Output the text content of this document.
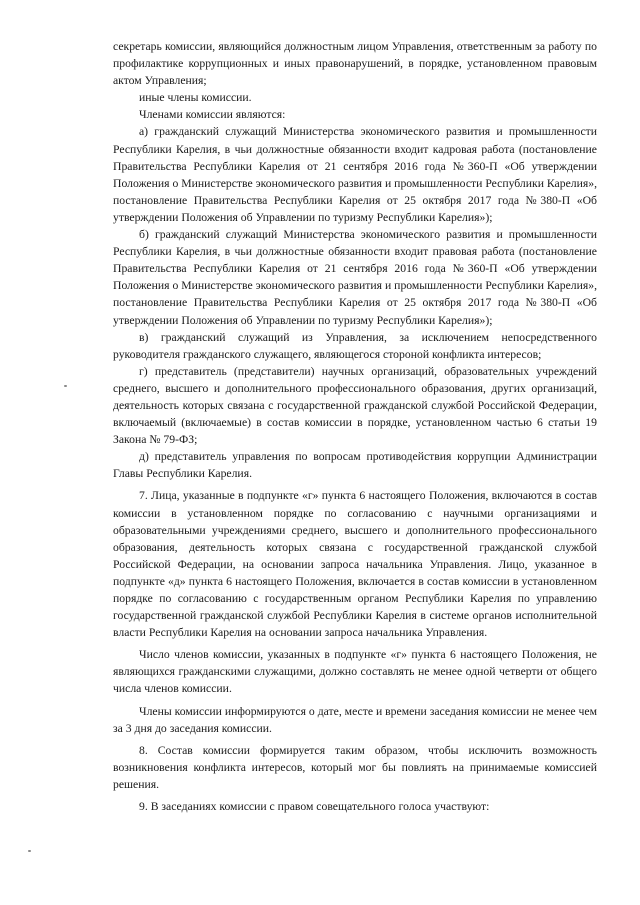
секретарь комиссии, являющийся должностным лицом Управления, ответственным за работу по профилактике коррупционных и иных правонарушений, в порядке, установленном правовым актом Управления;

иные члены комиссии.

Членами комиссии являются:

а) гражданский служащий Министерства экономического развития и промышленности Республики Карелия, в чьи должностные обязанности входит кадровая работа (постановление Правительства Республики Карелия от 21 сентября 2016 года №360-П «Об утверждении Положения о Министерстве экономического развития и промышленности Республики Карелия», постановление Правительства Республики Карелия от 25 октября 2017 года №380-П «Об утверждении Положения об Управлении по туризму Республики Карелия»);

б) гражданский служащий Министерства экономического развития и промышленности Республики Карелия, в чьи должностные обязанности входит правовая работа (постановление Правительства Республики Карелия от 21 сентября 2016 года №360-П «Об утверждении Положения о Министерстве экономического развития и промышленности Республики Карелия», постановление Правительства Республики Карелия от 25 октября 2017 года №380-П «Об утверждении Положения об Управлении по туризму Республики Карелия»);

в) гражданский служащий из Управления, за исключением непосредственного руководителя гражданского служащего, являющегося стороной конфликта интересов;

г) представитель (представители) научных организаций, образовательных учреждений среднего, высшего и дополнительного профессионального образования, других организаций, деятельность которых связана с государственной гражданской службой Российской Федерации, включаемый (включаемые) в состав комиссии в порядке, установленном частью 6 статьи 19 Закона № 79-ФЗ;

д) представитель управления по вопросам противодействия коррупции Администрации Главы Республики Карелия.

7. Лица, указанные в подпункте «г» пункта 6 настоящего Положения, включаются в состав комиссии в установленном порядке по согласованию с научными организациями и образовательными учреждениями среднего, высшего и дополнительного профессионального образования, деятельность которых связана с государственной гражданской службой Российской Федерации, на основании запроса начальника Управления. Лицо, указанное в подпункте «д» пункта 6 настоящего Положения, включается в состав комиссии в установленном порядке по согласованию с государственным органом Республики Карелия по управлению государственной гражданской службой Республики Карелия в системе органов исполнительной власти Республики Карелия на основании запроса начальника Управления.

Число членов комиссии, указанных в подпункте «г» пункта 6 настоящего Положения, не являющихся гражданскими служащими, должно составлять не менее одной четверти от общего числа членов комиссии.

Члены комиссии информируются о дате, месте и времени заседания комиссии не менее чем за 3 дня до заседания комиссии.

8. Состав комиссии формируется таким образом, чтобы исключить возможность возникновения конфликта интересов, который мог бы повлиять на принимаемые комиссией решения.

9. В заседаниях комиссии с правом совещательного голоса участвуют:
